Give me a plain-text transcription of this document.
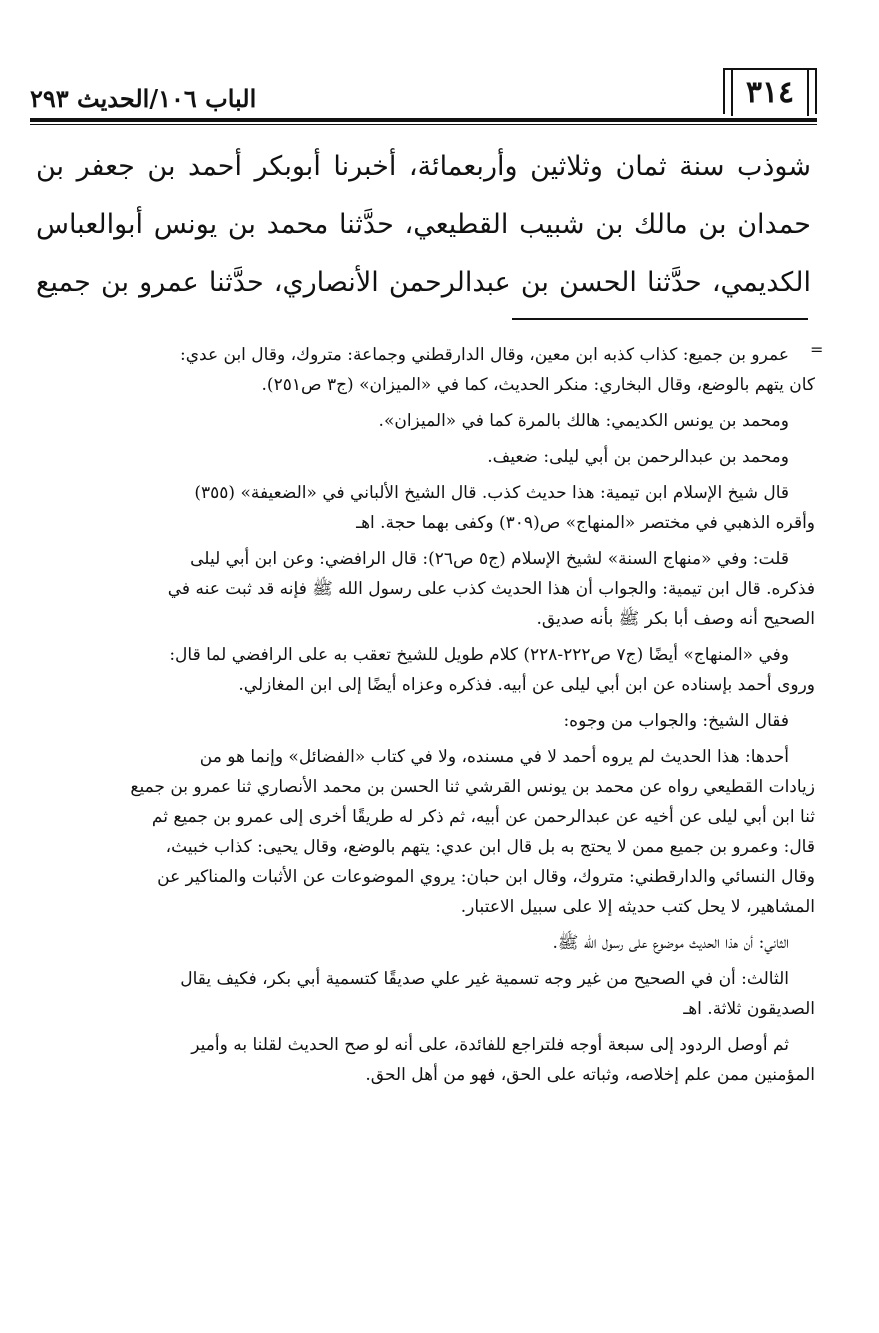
٣١٤
الباب ١٠٦/الحديث ٢٩٣
شوذب سنة ثمان وثلاثين وأربعمائة، أخبرنا أبوبكر أحمد بن جعفر بن
حمدان بن مالك بن شبيب القطيعي، حدَّثنا محمد بن يونس أبوالعباس
الكديمي، حدَّثنا الحسن بن عبدالرحمن الأنصاري، حدَّثنا عمرو بن جميع
=
عمرو بن جميع: كذاب كذبه ابن معين، وقال الدارقطني وجماعة: متروك، وقال ابن عدي:
كان يتهم بالوضع، وقال البخاري: منكر الحديث، كما في «الميزان» (ج٣ ص٢٥١).
ومحمد بن يونس الكديمي: هالك بالمرة كما في «الميزان».
ومحمد بن عبدالرحمن بن أبي ليلى: ضعيف.
قال شيخ الإسلام ابن تيمية: هذا حديث كذب. قال الشيخ الألباني في «الضعيفة» (٣٥٥)
وأقره الذهبي في مختصر «المنهاج» ص(٣٠٩) وكفى بهما حجة. اهـ
قلت: وفي «منهاج السنة» لشيخ الإسلام (ج٥ ص٢٦): قال الرافضي: وعن ابن أبي ليلى
فذكره. قال ابن تيمية: والجواب أن هذا الحديث كذب على رسول الله ﷺ فإنه قد ثبت عنه في
الصحيح أنه وصف أبا بكر ﷺ بأنه صديق.
وفي «المنهاج» أيضًا (ج٧ ص٢٢٢-٢٢٨) كلام طويل للشيخ تعقب به على الرافضي لما قال:
وروى أحمد بإسناده عن ابن أبي ليلى عن أبيه. فذكره وعزاه أيضًا إلى ابن المغازلي.
فقال الشيخ: والجواب من وجوه:
أحدها: هذا الحديث لم يروه أحمد لا في مسنده، ولا في كتاب «الفضائل» وإنما هو من
زيادات القطيعي رواه عن محمد بن يونس القرشي ثنا الحسن بن محمد الأنصاري ثنا عمرو بن جميع
ثنا ابن أبي ليلى عن أخيه عن عبدالرحمن عن أبيه، ثم ذكر له طريقًا أخرى إلى عمرو بن جميع ثم
قال: وعمرو بن جميع ممن لا يحتج به بل قال ابن عدي: يتهم بالوضع، وقال يحيى: كذاب خبيث،
وقال النسائي والدارقطني: متروك، وقال ابن حبان: يروي الموضوعات عن الأثبات والمناكير عن
المشاهير، لا يحل كتب حديثه إلا على سبيل الاعتبار.
الثاني: أن هذا الحديث موضوع على رسول الله ﷺ.
الثالث: أن في الصحيح من غير وجه تسمية غير علي صديقًا كتسمية أبي بكر، فكيف يقال
الصديقون ثلاثة. اهـ
ثم أوصل الردود إلى سبعة أوجه فلتراجع للفائدة، على أنه لو صح الحديث لقلنا به وأمير
المؤمنين ممن علم إخلاصه، وثباته على الحق، فهو من أهل الحق.
